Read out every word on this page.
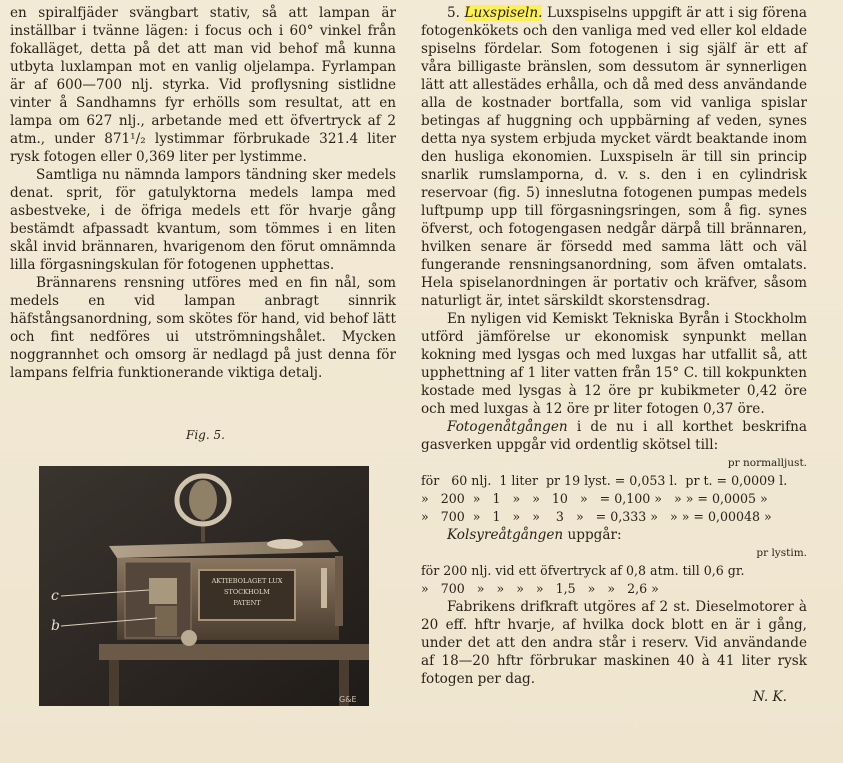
en spiralfjäder svängbart stativ, så att lampan är inställbar i tvänne lägen: i focus och i 60° vinkel från fokalläget, detta på det att man vid behof må kunna utbyta luxlampan mot en vanlig oljelampa. Fyrlampan är af 600—700 nlj. styrka. Vid proflysning sistlidne vinter å Sandhamns fyr erhölls som resultat, att en lampa om 627 nlj., arbetande med ett öfvertryck af 2 atm., under 871¹/₂ lystimmar förbrukade 321.4 liter rysk fotogen eller 0,369 liter per lystimme.

Samtliga nu nämnda lampors tändning sker medels denat. sprit, för gatulyktorna medels lampa med asbestveke, i de öfriga medels ett för hvarje gång bestämdt afpassadt kvantum, som tömmes i en liten skål invid brännaren, hvarigenom den förut omnämnda lilla förgasningskulan för fotogenen upphettas.

Brännarens rensning utföres med en fin nål, som medels en vid lampan anbragt sinnrik häfstångsanordning, som skötes för hand, vid behof lätt och fint nedföres ui utströmningshålet. Mycken noggrannhet och omsorg är nedlagd på just denna för lampans felfria funktionerande viktiga detalj.

Fig. 5.
AKTIEBOLAGET LUX
STOCKHOLM
PATENT
c
b
G&E

5. Luxspiseln. Luxspiselns uppgift är att i sig förena fotogenkökets och den vanliga med ved eller kol eldade spiselns fördelar. Som fotogenen i sig själf är ett af våra billigaste bränslen, som dessutom är synnerligen lätt att allestädes erhålla, och då med dess användande alla de kostnader bortfalla, som vid vanliga spislar betingas af huggning och uppbärning af veden, synes detta nya system erbjuda mycket värdt beaktande inom den husliga ekonomien. Luxspiseln är till sin princip snarlik rumslamporna, d. v. s. den i en cylindrisk reservoar (fig. 5) inneslutna fotogenen pumpas medels luftpump upp till förgasningsringen, som å fig. synes öfverst, och fotogengasen nedgår därpå till brännaren, hvilken senare är försedd med samma lätt och väl fungerande rensningsanordning, som äfven omtalats. Hela spiselanordningen är portativ och kräfver, såsom naturligt är, intet särskildt skorstensdrag.

En nyligen vid Kemiskt Tekniska Byrån i Stockholm utförd jämförelse ur ekonomisk synpunkt mellan kokning med lysgas och med luxgas har utfallit så, att upphettning af 1 liter vatten från 15° C. till kokpunkten kostade med lysgas à 12 öre pr kubikmeter 0,42 öre och med luxgas à 12 öre pr liter fotogen 0,37 öre.

Fotogenåtgången i de nu i all korthet beskrifna gasverken uppgår vid ordentlig skötsel till:

pr normalljust.
för   60 nlj.  1 liter  pr 19 lyst. = 0,053 l.  pr t. = 0,0009 l.
»   200  »   1   »   »   10   »   = 0,100 »   » » = 0,0005 »
»   700  »   1   »   »    3   »   = 0,333 »   » » = 0,00048 »

Kolsyreåtgången uppgår:

pr lystim.
för 200 nlj. vid ett öfvertryck af 0,8 atm. till 0,6 gr.
»   700   »   »   »   »   1,5   »   »   2,6 »

Fabrikens drifkraft utgöres af 2 st. Dieselmotorer à 20 eff. hftr hvarje, af hvilka dock blott en är i gång, under det att den andra står i reserv. Vid användande af 18—20 hftr förbrukar maskinen 40 à 41 liter rysk fotogen per dag.

N. K.
